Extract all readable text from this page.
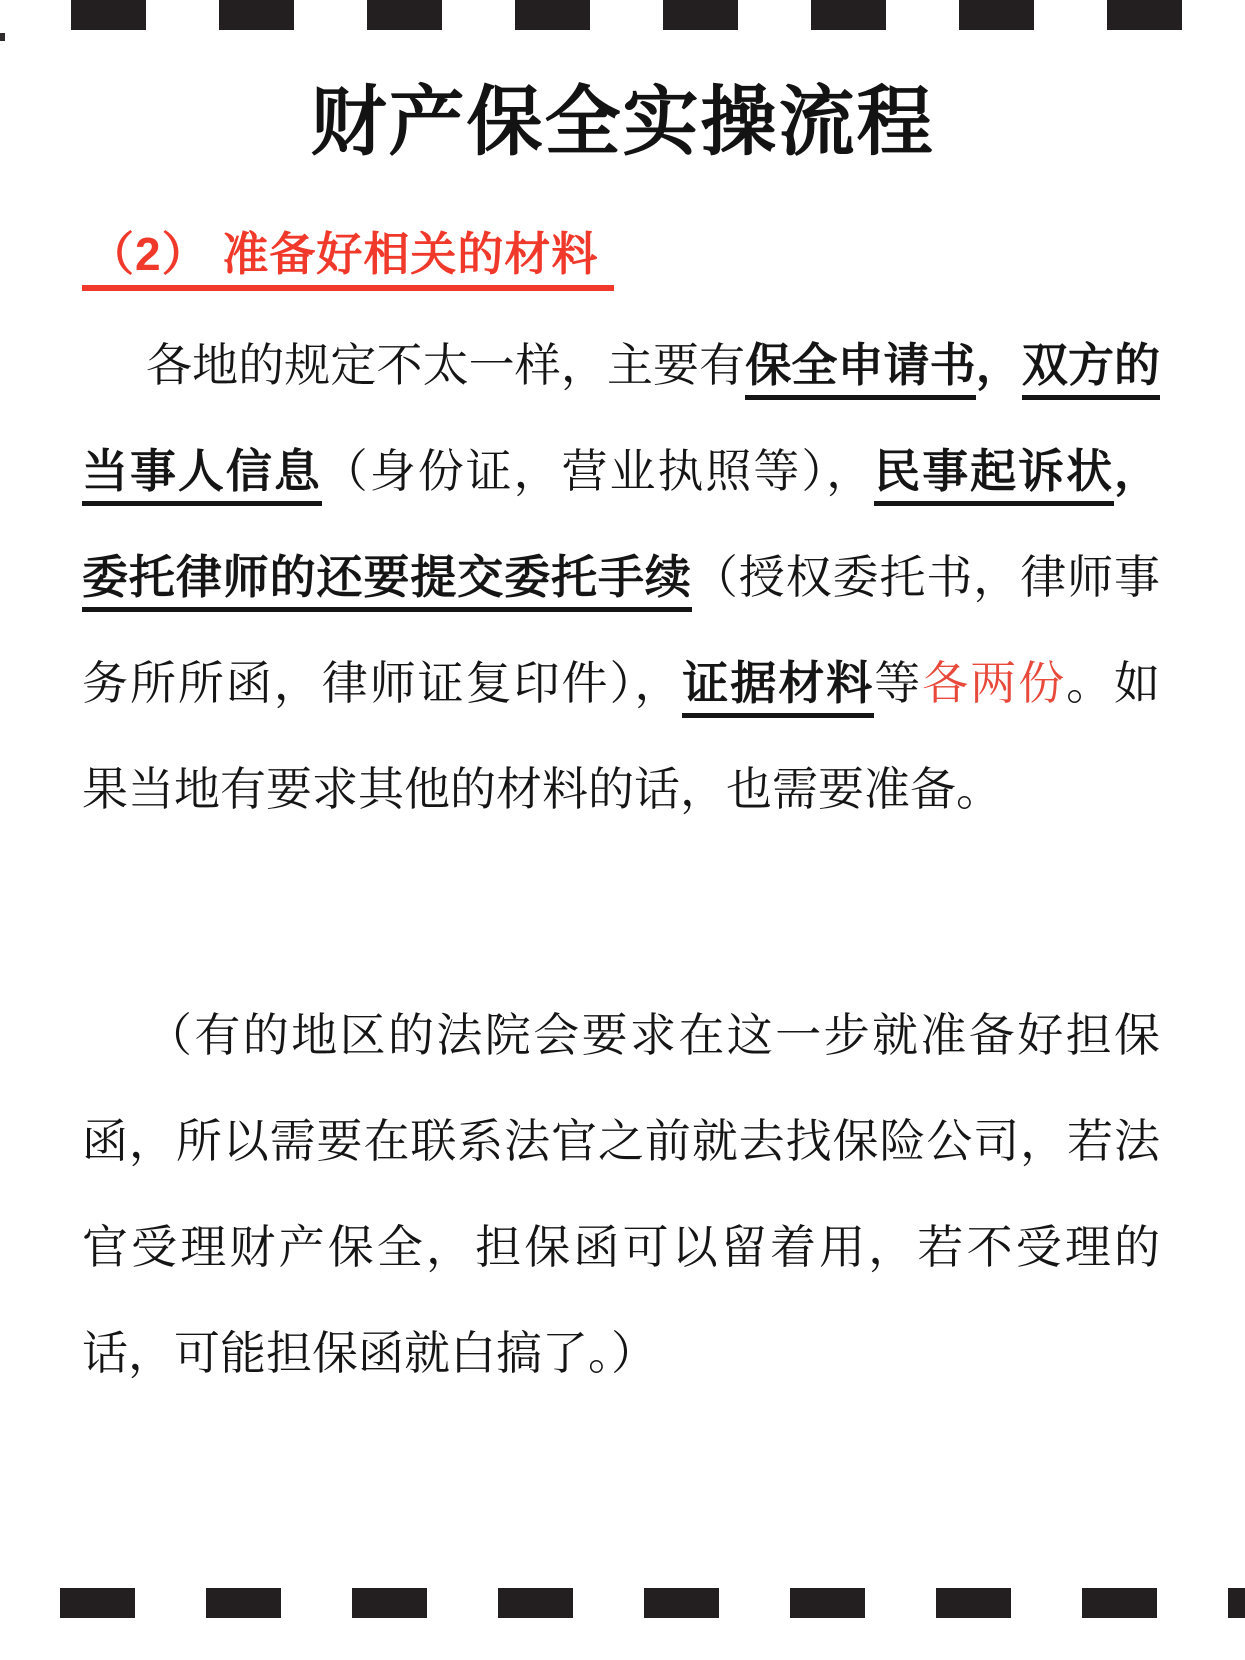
财产保全实操流程
（2） 准备好相关的材料
各地的规定不太一样，主要有保全申请书，双方的
当事人信息（身份证，营业执照等），民事起诉状，
委托律师的还要提交委托手续（授权委托书，律师事
务所所函，律师证复印件），证据材料等各两份。如
果当地有要求其他的材料的话，也需要准备。
（有的地区的法院会要求在这一步就准备好担保
函，所以需要在联系法官之前就去找保险公司，若法
官受理财产保全，担保函可以留着用，若不受理的
话，可能担保函就白搞了。）
